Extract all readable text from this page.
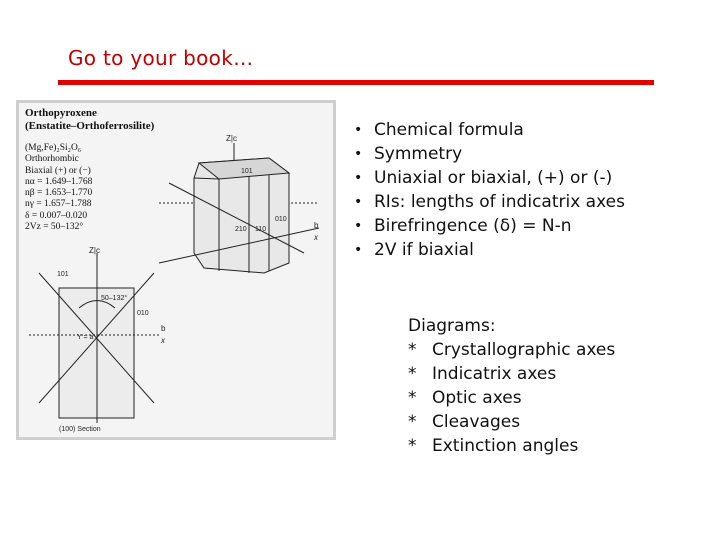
Go to your book…
Z|c
101
210 110
010
b
x
Z|c
101
50–132°
010
Y = a
b
x
(100) Section
Orthopyroxene
(Enstatite–Orthoferrosilite)
(Mg,Fe)₂Si₂O₆
Orthorhombic
Biaxial (+) or (−)
nα = 1.649–1.768
nβ = 1.653–1.770
nγ = 1.657–1.788
δ = 0.007–0.020
2Vz = 50–132°
• Chemical formula
• Symmetry
• Uniaxial or biaxial, (+) or (-)
• RIs: lengths of indicatrix axes
• Birefringence (δ) = N-n
• 2V if biaxial
Diagrams:
* Crystallographic axes
* Indicatrix axes
* Optic axes
* Cleavages
* Extinction angles
